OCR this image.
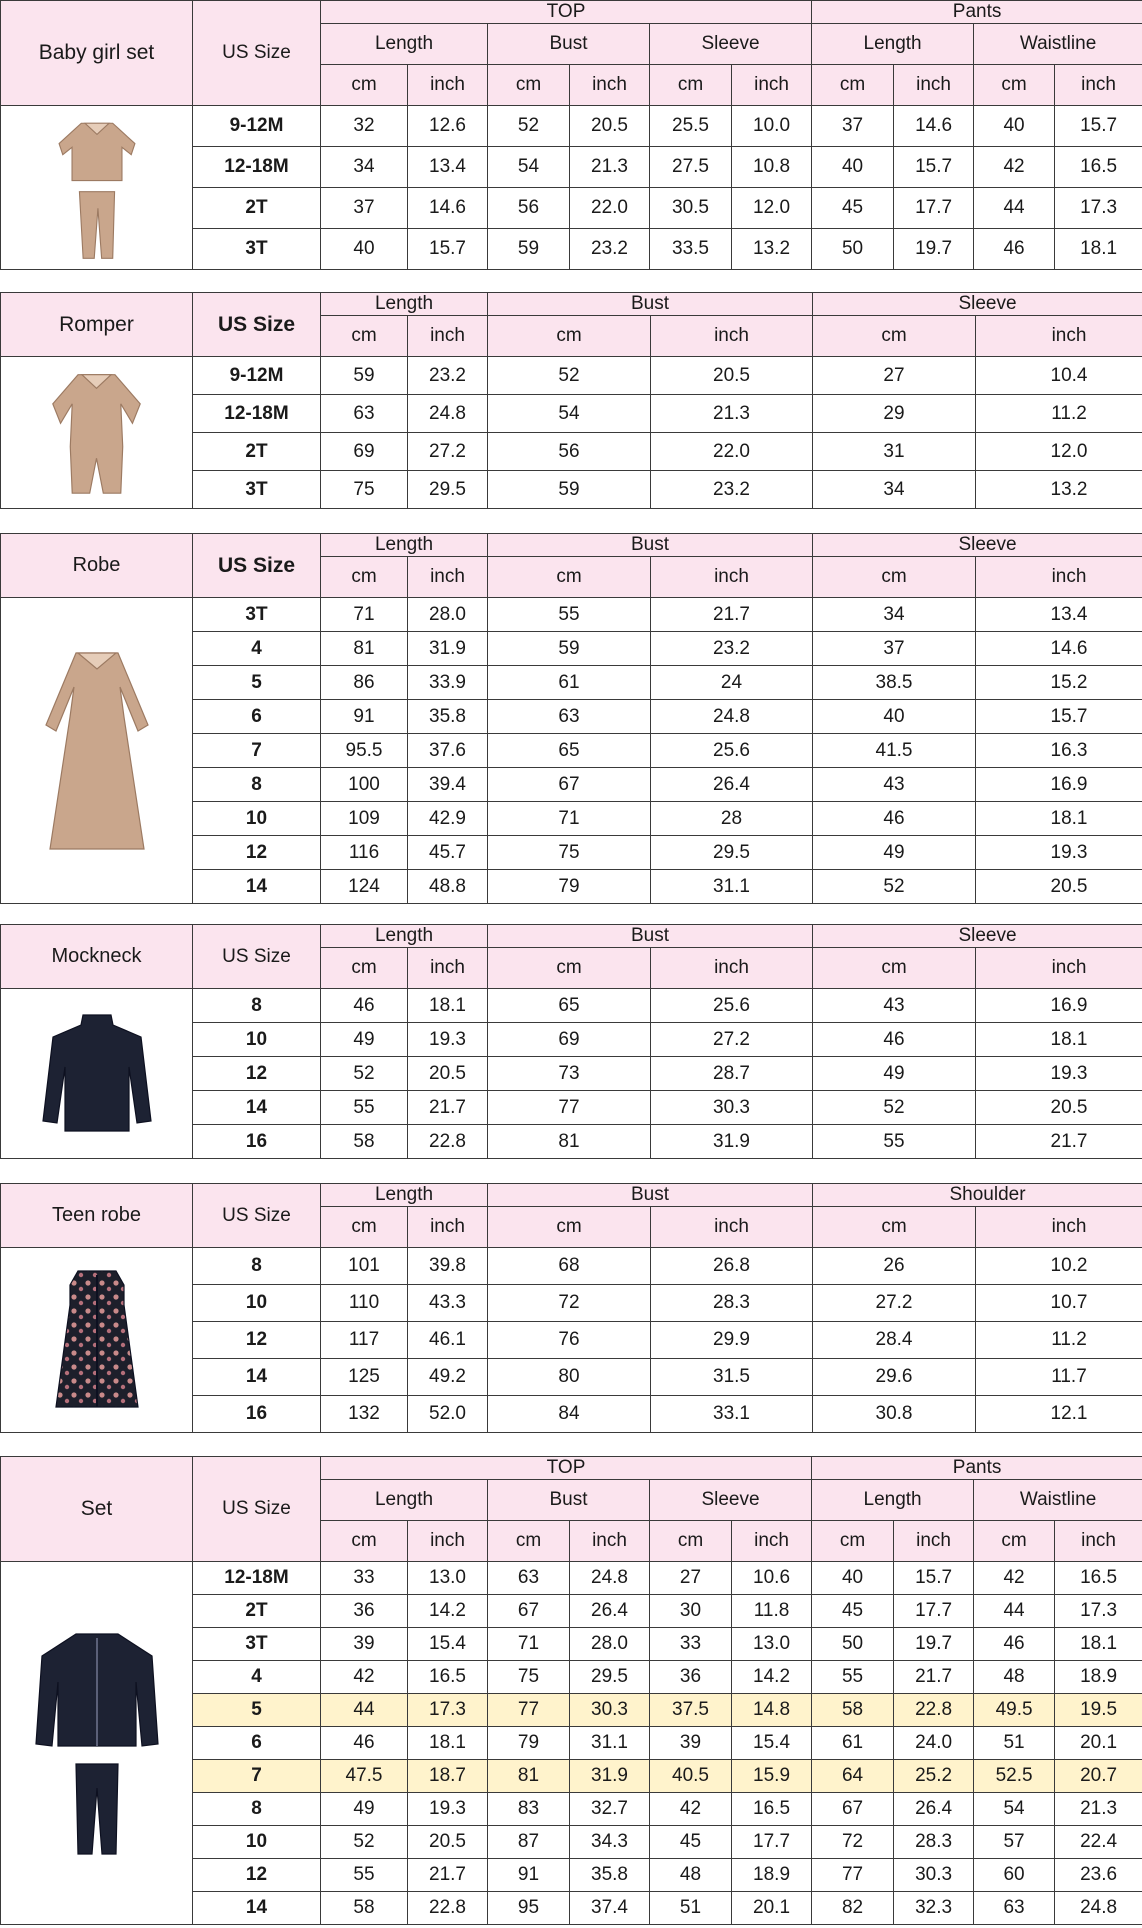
Baby girl set	US Size	TOP						Pants			
		Length		Bust		Sleeve		Length		Waistline	
		cm	inch	cm	inch	cm	inch	cm	inch	cm	inch

	9-12M	32	12.6	52	20.5	25.5	10.0	37	14.6	40	15.7
	12-18M	34	13.4	54	21.3	27.5	10.8	40	15.7	42	16.5
	2T	37	14.6	56	22.0	30.5	12.0	45	17.7	44	17.3
	3T	40	15.7	59	23.2	33.5	13.2	50	19.7	46	18.1
Romper	US Size	Length		Bust		Sleeve	
		cm	inch	cm	inch	cm	inch

	9-12M	59	23.2	52	20.5	27	10.4
	12-18M	63	24.8	54	21.3	29	11.2
	2T	69	27.2	56	22.0	31	12.0
	3T	75	29.5	59	23.2	34	13.2
Robe	US Size	Length		Bust		Sleeve	
		cm	inch	cm	inch	cm	inch

	3T	71	28.0	55	21.7	34	13.4
	4	81	31.9	59	23.2	37	14.6
	5	86	33.9	61	24	38.5	15.2
	6	91	35.8	63	24.8	40	15.7
	7	95.5	37.6	65	25.6	41.5	16.3
	8	100	39.4	67	26.4	43	16.9
	10	109	42.9	71	28	46	18.1
	12	116	45.7	75	29.5	49	19.3
	14	124	48.8	79	31.1	52	20.5
Mockneck	US Size	Length		Bust		Sleeve	
		cm	inch	cm	inch	cm	inch

	8	46	18.1	65	25.6	43	16.9
	10	49	19.3	69	27.2	46	18.1
	12	52	20.5	73	28.7	49	19.3
	14	55	21.7	77	30.3	52	20.5
	16	58	22.8	81	31.9	55	21.7
Teen robe	US Size	Length		Bust		Shoulder	
		cm	inch	cm	inch	cm	inch

	8	101	39.8	68	26.8	26	10.2
	10	110	43.3	72	28.3	27.2	10.7
	12	117	46.1	76	29.9	28.4	11.2
	14	125	49.2	80	31.5	29.6	11.7
	16	132	52.0	84	33.1	30.8	12.1
Set	US Size	TOP						Pants			
		Length		Bust		Sleeve		Length		Waistline	
		cm	inch	cm	inch	cm	inch	cm	inch	cm	inch

	12-18M	33	13.0	63	24.8	27	10.6	40	15.7	42	16.5
	2T	36	14.2	67	26.4	30	11.8	45	17.7	44	17.3
	3T	39	15.4	71	28.0	33	13.0	50	19.7	46	18.1
	4	42	16.5	75	29.5	36	14.2	55	21.7	48	18.9
	5	44	17.3	77	30.3	37.5	14.8	58	22.8	49.5	19.5
	6	46	18.1	79	31.1	39	15.4	61	24.0	51	20.1
	7	47.5	18.7	81	31.9	40.5	15.9	64	25.2	52.5	20.7
	8	49	19.3	83	32.7	42	16.5	67	26.4	54	21.3
	10	52	20.5	87	34.3	45	17.7	72	28.3	57	22.4
	12	55	21.7	91	35.8	48	18.9	77	30.3	60	23.6
	14	58	22.8	95	37.4	51	20.1	82	32.3	63	24.8
